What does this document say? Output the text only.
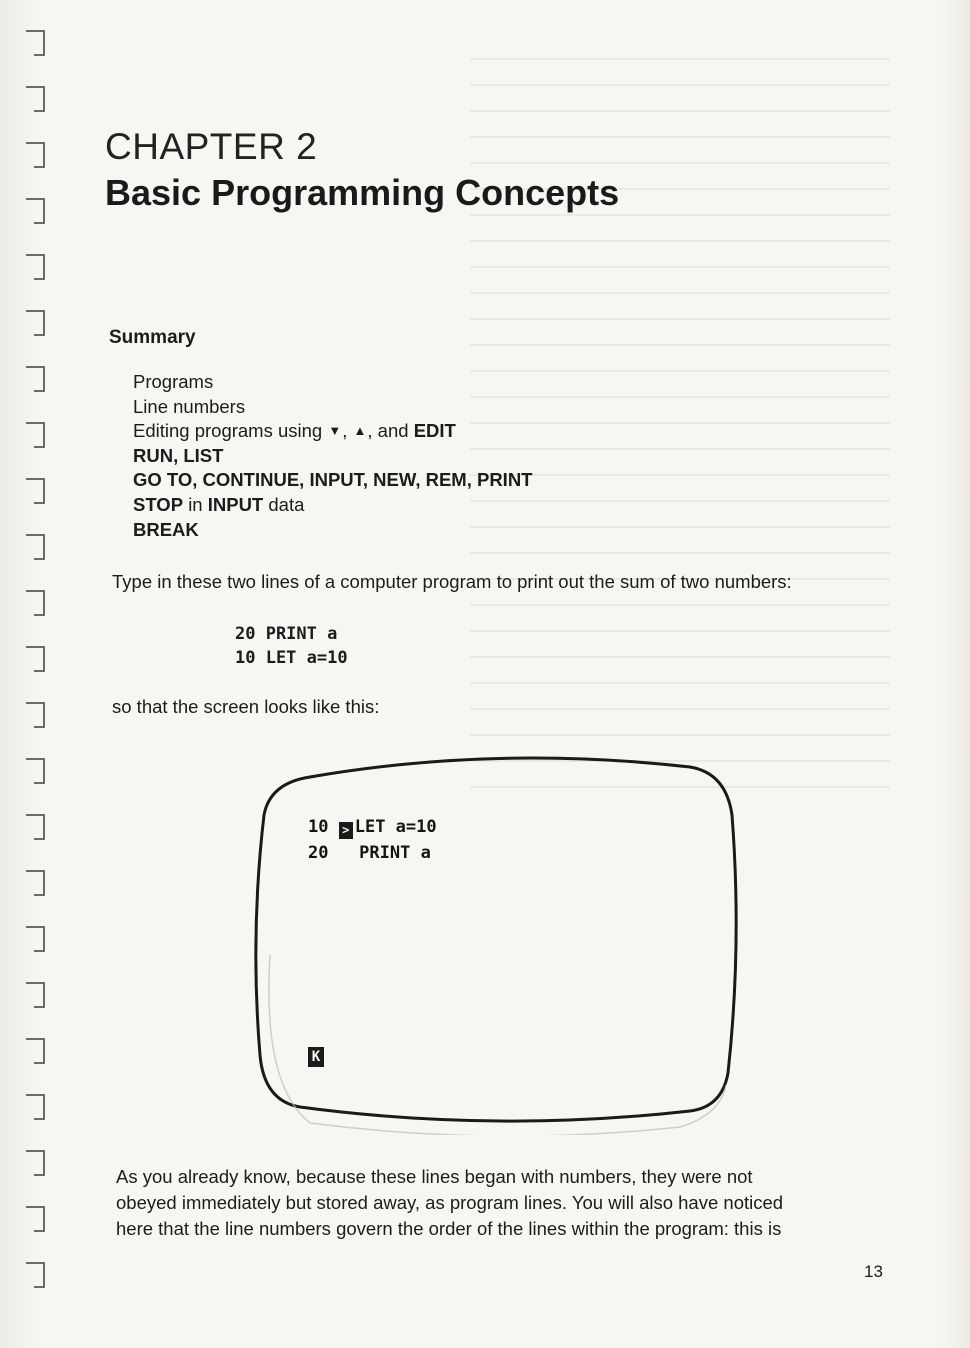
CHAPTER 2
Basic Programming Concepts
Summary
Programs
Line numbers
Editing programs using ▼, ▲, and EDIT
RUN, LIST
GO TO, CONTINUE, INPUT, NEW, REM, PRINT
STOP in INPUT data
BREAK
Type in these two lines of a computer program to print out the sum of two numbers:
20 PRINT a
10 LET a=10
so that the screen looks like this:
10 > LET a=10
20   PRINT a
K
As you already know, because these lines began with numbers, they were not
obeyed immediately but stored away, as program lines. You will also have noticed
here that the line numbers govern the order of the lines within the program: this is
13
